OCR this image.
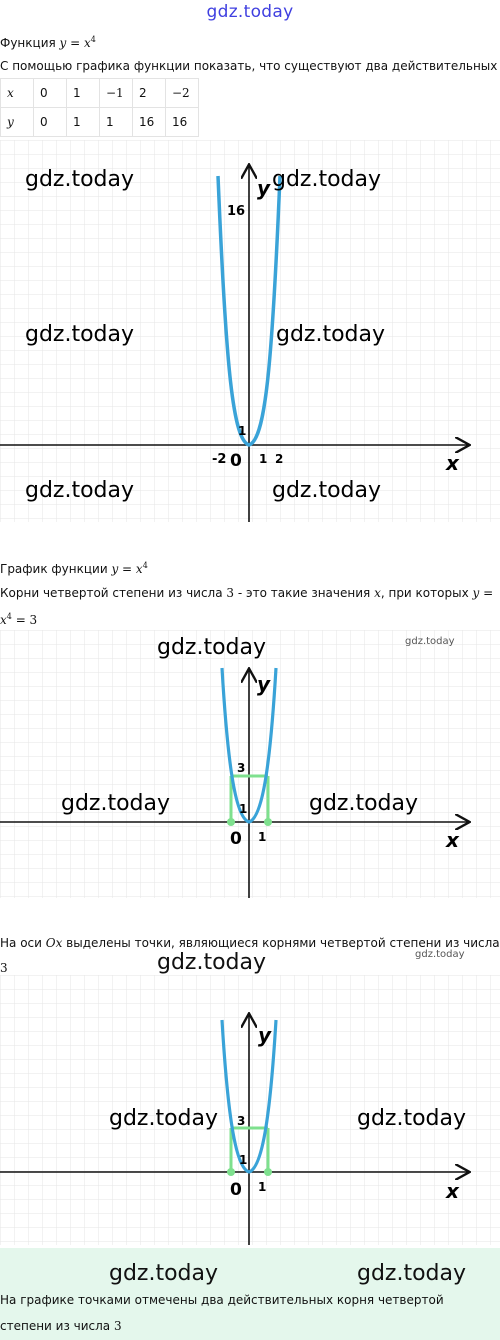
gdz.today
Функция $y = x^4$
С помощью графика функции показать, что существуют два действительных
x	0	1	−1	2	−2
y	0	1	1	16	16
y
x
16
1
-2 0 1 2
gdz.today	gdz.today
gdz.today	gdz.today
gdz.today	gdz.today
График функции $y = x^4$
Корни четвертой степени из числа 3 - это такие значения x, при которых y =
$x^4 = 3$
y
x
3
1
0 1
gdz.today
gdz.today	gdz.today
gdz.today
На оси Ox выделены точки, являющиеся корнями четвертой степени из числа
3
y
x
3
1
0 1
gdz.today	gdz.today
gdz.today	gdz.today
gdz.today	gdz.today
На графике точками отмечены два действительных корня четвертой
степени из числа 3
